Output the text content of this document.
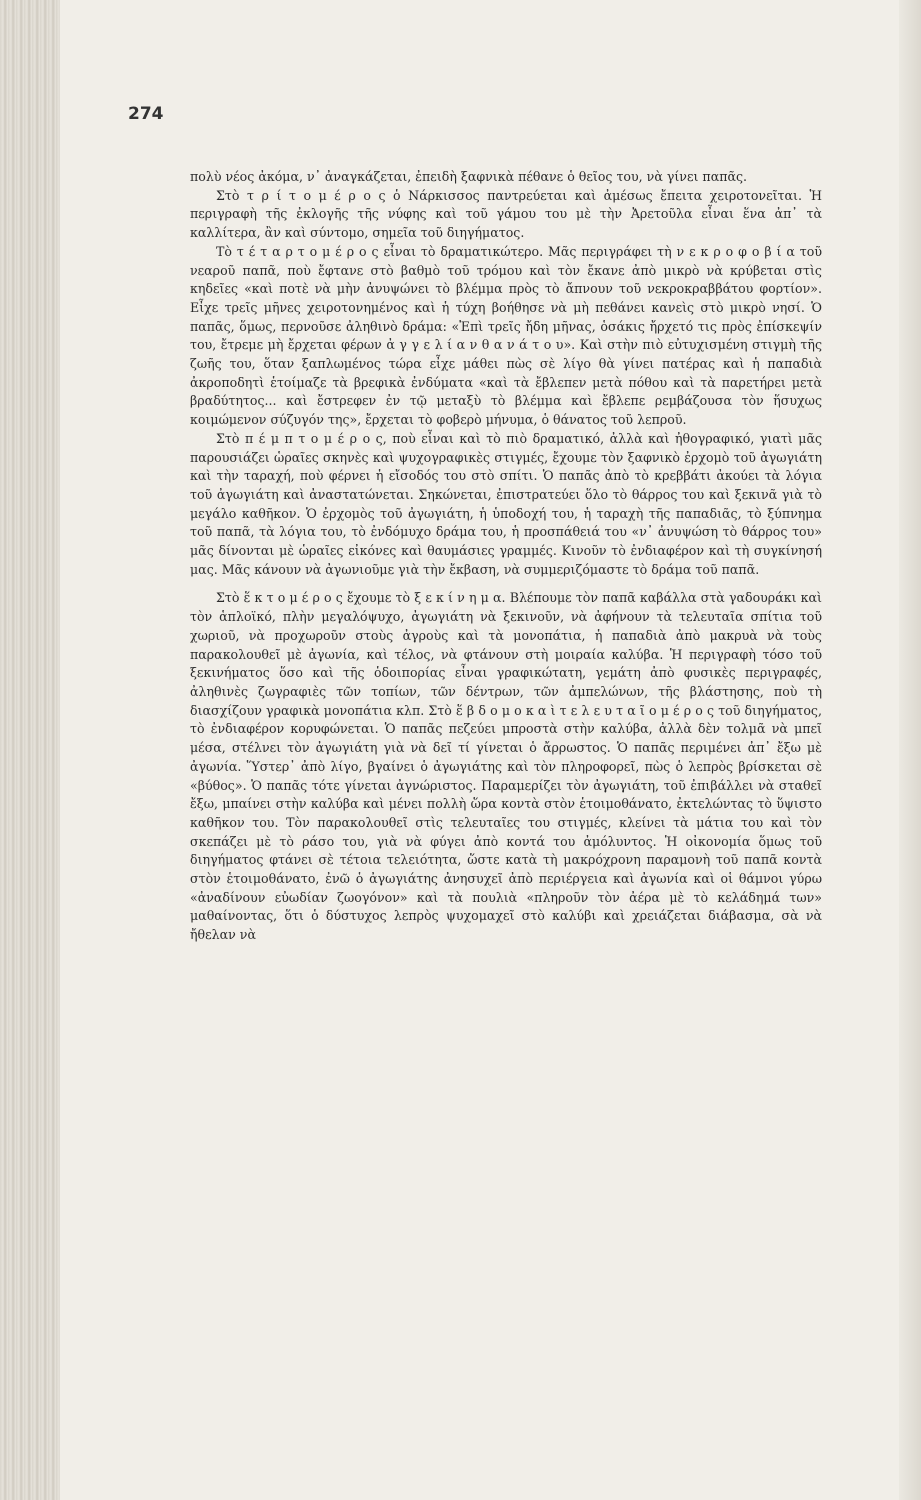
274

πολὺ νέος ἀκόμα, ν᾽ ἀναγκάζεται, ἐπειδὴ ξαφνικὰ πέθανε ὁ θεῖος του, νὰ γίνει παπᾶς.

Στὸ τ ρ ί τ ο μ έ ρ ο ς ὁ Νάρκισσος παντρεύεται καὶ ἀμέσως ἔπειτα χειροτονεῖται. Ἡ περιγραφὴ τῆς ἐκλογῆς τῆς νύφης καὶ τοῦ γάμου του μὲ τὴν Ἀρετοῦλα εἶναι ἕνα ἀπ᾽ τὰ καλλίτερα, ἂν καὶ σύντομο, σημεῖα τοῦ διηγήματος.

Τὸ τ έ τ α ρ τ ο μ έ ρ ο ς εἶναι τὸ δραματικώτερο. Μᾶς περιγράφει τὴ ν ε κ ρ ο φ ο β ί α τοῦ νεαροῦ παπᾶ, ποὺ ἔφτανε στὸ βαθμὸ τοῦ τρόμου καὶ τὸν ἔκανε ἀπὸ μικρὸ νὰ κρύβεται στὶς κηδεῖες «καὶ ποτὲ νὰ μὴν ἀνυψώνει τὸ βλέμμα πρὸς τὸ ἄπνουν τοῦ νεκροκραββάτου φορτίον». Εἶχε τρεῖς μῆνες χειροτονημένος καὶ ἡ τύχη βοήθησε νὰ μὴ πεθάνει κανεὶς στὸ μικρὸ νησί. Ὁ παπᾶς, ὅμως, περνοῦσε ἀληθινὸ δράμα: «Ἐπὶ τρεῖς ἤδη μῆνας, ὁσάκις ἤρχετό τις πρὸς ἐπίσκεψίν του, ἔτρεμε μὴ ἔρχεται φέρων ἀ γ γ ε λ ί α ν θ α ν ά τ ο υ». Καὶ στὴν πιὸ εὐτυχισμένη στιγμὴ τῆς ζωῆς του, ὅταν ξαπλωμένος τώρα εἶχε μάθει πὼς σὲ λίγο θὰ γίνει πατέρας καὶ ἡ παπαδιὰ ἀκροποδητὶ ἑτοίμαζε τὰ βρεφικὰ ἐνδύματα «καὶ τὰ ἔβλεπεν μετὰ πόθου καὶ τὰ παρετήρει μετὰ βραδύτητος... καὶ ἔστρεφεν ἐν τῷ μεταξὺ τὸ βλέμμα καὶ ἔβλεπε ρεμβάζουσα τὸν ἥσυχως κοιμώμενον σύζυγόν της», ἔρχεται τὸ φοβερὸ μήνυμα, ὁ θάνατος τοῦ λεπροῦ.

Στὸ π έ μ π τ ο μ έ ρ ο ς, ποὺ εἶναι καὶ τὸ πιὸ δραματικό, ἀλλὰ καὶ ἠθογραφικό, γιατὶ μᾶς παρουσιάζει ὡραῖες σκηνὲς καὶ ψυχογραφικὲς στιγμές, ἔχουμε τὸν ξαφνικὸ ἐρχομὸ τοῦ ἀγωγιάτη καὶ τὴν ταραχή, ποὺ φέρνει ἡ εἴσοδός του στὸ σπίτι. Ὁ παπᾶς ἀπὸ τὸ κρεββάτι ἀκούει τὰ λόγια τοῦ ἀγωγιάτη καὶ ἀναστατώνεται. Σηκώνεται, ἐπιστρατεύει ὅλο τὸ θάρρος του καὶ ξεκινᾶ γιὰ τὸ μεγάλο καθῆκον. Ὁ ἐρχομὸς τοῦ ἀγωγιάτη, ἡ ὑποδοχή του, ἡ ταραχὴ τῆς παπαδιᾶς, τὸ ξύπνημα τοῦ παπᾶ, τὰ λόγια του, τὸ ἐνδόμυχο δράμα του, ἡ προσπάθειά του «ν᾽ ἀνυψώση τὸ θάρρος του» μᾶς δίνονται μὲ ὡραῖες εἰκόνες καὶ θαυμάσιες γραμμές. Κινοῦν τὸ ἐνδιαφέρον καὶ τὴ συγκίνησή μας. Μᾶς κάνουν νὰ ἀγωνιοῦμε γιὰ τὴν ἔκβαση, νὰ συμμεριζόμαστε τὸ δράμα τοῦ παπᾶ.

Στὸ ἕ κ τ ο μ έ ρ ο ς ἔχουμε τὸ ξ ε κ ί ν η μ α. Βλέπουμε τὸν παπᾶ καβάλλα στὰ γαδουράκι καὶ τὸν ἁπλοϊκό, πλὴν μεγαλόψυχο, ἀγωγιάτη νὰ ξεκινοῦν, νὰ ἀφήνουν τὰ τελευταῖα σπίτια τοῦ χωριοῦ, νὰ προχωροῦν στοὺς ἀγροὺς καὶ τὰ μονοπάτια, ἡ παπαδιὰ ἀπὸ μακρυὰ νὰ τοὺς παρακολουθεῖ μὲ ἀγωνία, καὶ τέλος, νὰ φτάνουν στὴ μοιραία καλύβα. Ἡ περιγραφὴ τόσο τοῦ ξεκινήματος ὅσο καὶ τῆς ὁδοιπορίας εἶναι γραφικώτατη, γεμάτη ἀπὸ φυσικὲς περιγραφές, ἀληθινὲς ζωγραφιὲς τῶν τοπίων, τῶν δέντρων, τῶν ἀμπελώνων, τῆς βλάστησης, ποὺ τὴ διασχίζουν γραφικὰ μονοπάτια κλπ. Στὸ ἕ β δ ο μ ο κ α ὶ τ ε λ ε υ τ α ῖ ο μ έ ρ ο ς τοῦ διηγήματος, τὸ ἐνδιαφέρον κορυφώνεται. Ὁ παπᾶς πεζεύει μπροστὰ στὴν καλύβα, ἀλλὰ δὲν τολμᾶ νὰ μπεῖ μέσα, στέλνει τὸν ἀγωγιάτη γιὰ νὰ δεῖ τί γίνεται ὁ ἄρρωστος. Ὁ παπᾶς περιμένει ἀπ᾽ ἔξω μὲ ἀγωνία. Ὕστερ᾽ ἀπὸ λίγο, βγαίνει ὁ ἀγωγιάτης καὶ τὸν πληροφορεῖ, πὼς ὁ λεπρὸς βρίσκεται σὲ «βύθος». Ὁ παπᾶς τότε γίνεται ἀγνώριστος. Παραμερίζει τὸν ἀγωγιάτη, τοῦ ἐπιβάλλει νὰ σταθεῖ ἔξω, μπαίνει στὴν καλύβα καὶ μένει πολλὴ ὥρα κοντὰ στὸν ἑτοιμοθάνατο, ἐκτελώντας τὸ ὕψιστο καθῆκον του. Τὸν παρακολουθεῖ στὶς τελευταῖες του στιγμές, κλείνει τὰ μάτια του καὶ τὸν σκεπάζει μὲ τὸ ράσο του, γιὰ νὰ φύγει ἀπὸ κοντά του ἀμόλυντος. Ἡ οἰκονομία ὅμως τοῦ διηγήματος φτάνει σὲ τέτοια τελειότητα, ὥστε κατὰ τὴ μακρόχρονη παραμονὴ τοῦ παπᾶ κοντὰ στὸν ἑτοιμοθάνατο, ἐνῶ ὁ ἀγωγιάτης ἀνησυχεῖ ἀπὸ περιέργεια καὶ ἀγωνία καὶ οἱ θάμνοι γύρω «ἀναδίνουν εὐωδίαν ζωογόνον» καὶ τὰ πουλιὰ «πληροῦν τὸν ἀέρα μὲ τὸ κελάδημά των» μαθαίνοντας, ὅτι ὁ δύστυχος λεπρὸς ψυχομαχεῖ στὸ καλύβι καὶ χρειάζεται διάβασμα, σὰ νὰ ἤθελαν νὰ
